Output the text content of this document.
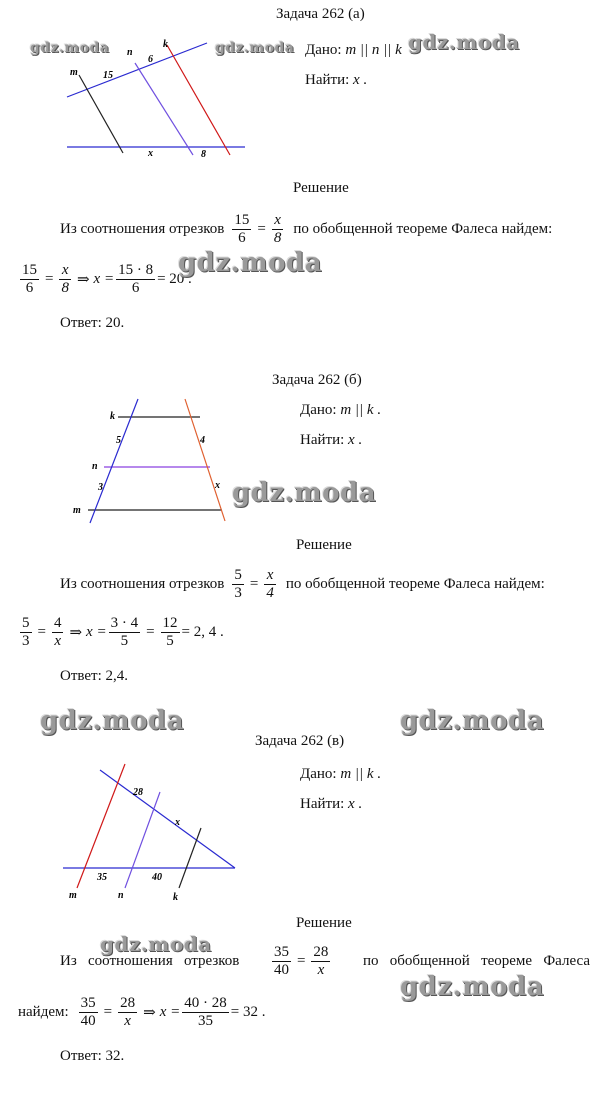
Задача 262 (а)
m
n
k
15
6
x	8
Дано: m || n || k
Найти: x .
Решение
Из соотношения отрезков $\frac{15}{6} = \frac{x}{8}$ по обобщенной теореме Фалеса найдем:
$\frac{15}{6} = \frac{x}{8}$ ⇒ $x = \frac{15 \cdot 8}{6} = 20$ .
Ответ: 20.
Задача 262 (б)
k
n
m
5	4
3	x
Дано: m || k .
Найти: x .
Решение
Из соотношения отрезков $\frac{5}{3} = \frac{x}{4}$ по обобщенной теореме Фалеса найдем:
$\frac{5}{3} = \frac{4}{x}$ ⇒ $x = \frac{3 \cdot 4}{5} = \frac{12}{5} = 2$, 4 .
Ответ: 2,4.
Задача 262 (в)
28
x
35	40
m	n	k
Дано: m || k .
Найти: x .
Решение
Из   соотношения   отрезков $\frac{35}{40} = \frac{28}{x}$ по   обобщенной   теореме   Фалеса
найдем: $\frac{35}{40} = \frac{28}{x}$ ⇒ $x = \frac{40 \cdot 28}{35} = 32$ .
Ответ: 32.
gdz.moda	gdz.moda	gdz.moda
gdz.moda
gdz.moda
gdz.moda	gdz.moda
gdz.moda
gdz.moda
